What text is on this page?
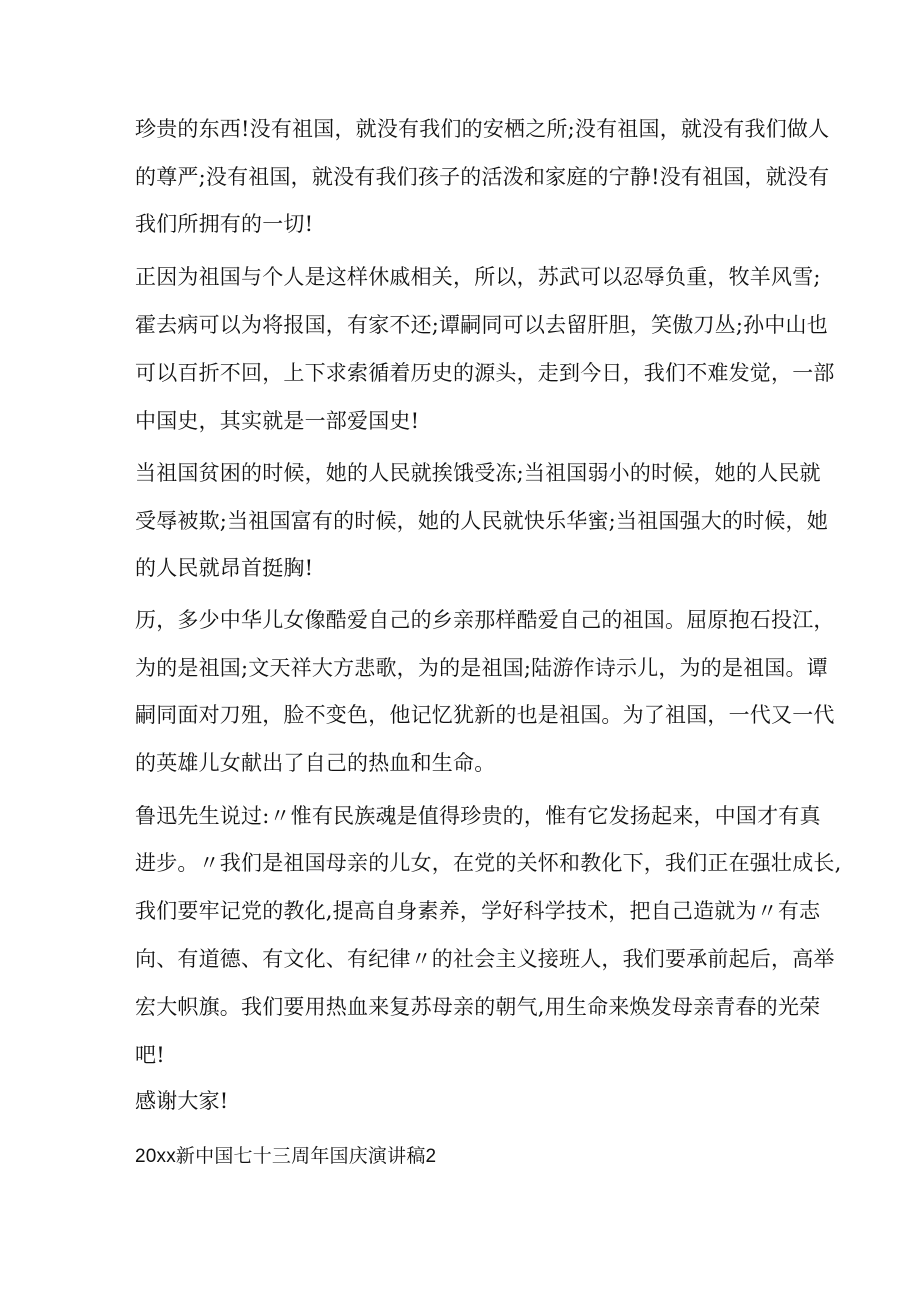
珍贵的东西!没有祖国，就没有我们的安栖之所;没有祖国，就没有我们做人
的尊严;没有祖国，就没有我们孩子的活泼和家庭的宁静!没有祖国，就没有
我们所拥有的一切!
正因为祖国与个人是这样休戚相关，所以，苏武可以忍辱负重，牧羊风雪;
霍去病可以为将报国，有家不还;谭嗣同可以去留肝胆，笑傲刀丛;孙中山也
可以百折不回，上下求索循着历史的源头，走到今日，我们不难发觉，一部
中国史，其实就是一部爱国史!
当祖国贫困的时候，她的人民就挨饿受冻;当祖国弱小的时候，她的人民就
受辱被欺;当祖国富有的时候，她的人民就快乐华蜜;当祖国强大的时候，她
的人民就昂首挺胸!
历，多少中华儿女像酷爱自己的乡亲那样酷爱自己的祖国。屈原抱石投江，
为的是祖国;文天祥大方悲歌，为的是祖国;陆游作诗示儿，为的是祖国。谭
嗣同面对刀殂，脸不变色，他记忆犹新的也是祖国。为了祖国，一代又一代
的英雄儿女献出了自己的热血和生命。
鲁迅先生说过:〃惟有民族魂是值得珍贵的，惟有它发扬起来，中国才有真
进步。〃我们是祖国母亲的儿女，在党的关怀和教化下，我们正在强壮成长,
我们要牢记党的教化,提高自身素养，学好科学技术，把自己造就为〃有志
向、有道德、有文化、有纪律〃的社会主义接班人，我们要承前起后，高举
宏大帜旗。我们要用热血来复苏母亲的朝气,用生命来焕发母亲青春的光荣
吧!
感谢大家!
20xx新中国七十三周年国庆演讲稿2
